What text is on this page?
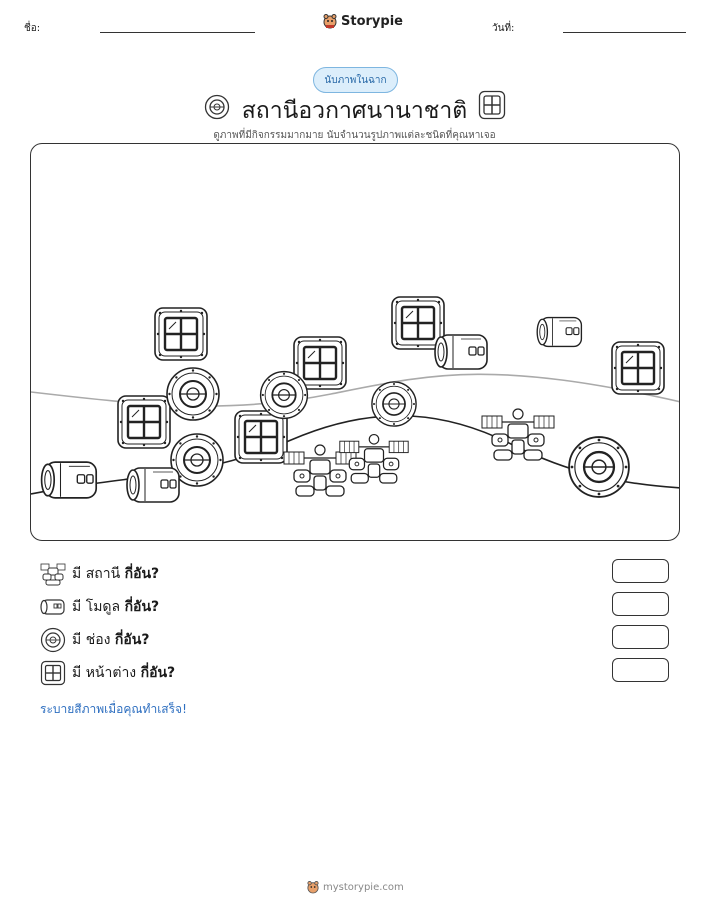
ชื่อ:	Storypie	วันที่:
นับภาพในฉาก
สถานีอวกาศนานาชาติ
ดูภาพที่มีกิจกรรมมากมาย นับจำนวนรูปภาพแต่ละชนิดที่คุณหาเจอ
มี สถานี กี่อัน?
มี โมดูล กี่อัน?
มี ช่อง กี่อัน?
มี หน้าต่าง กี่อัน?
ระบายสีภาพเมื่อคุณทำเสร็จ!
mystorypie.com
